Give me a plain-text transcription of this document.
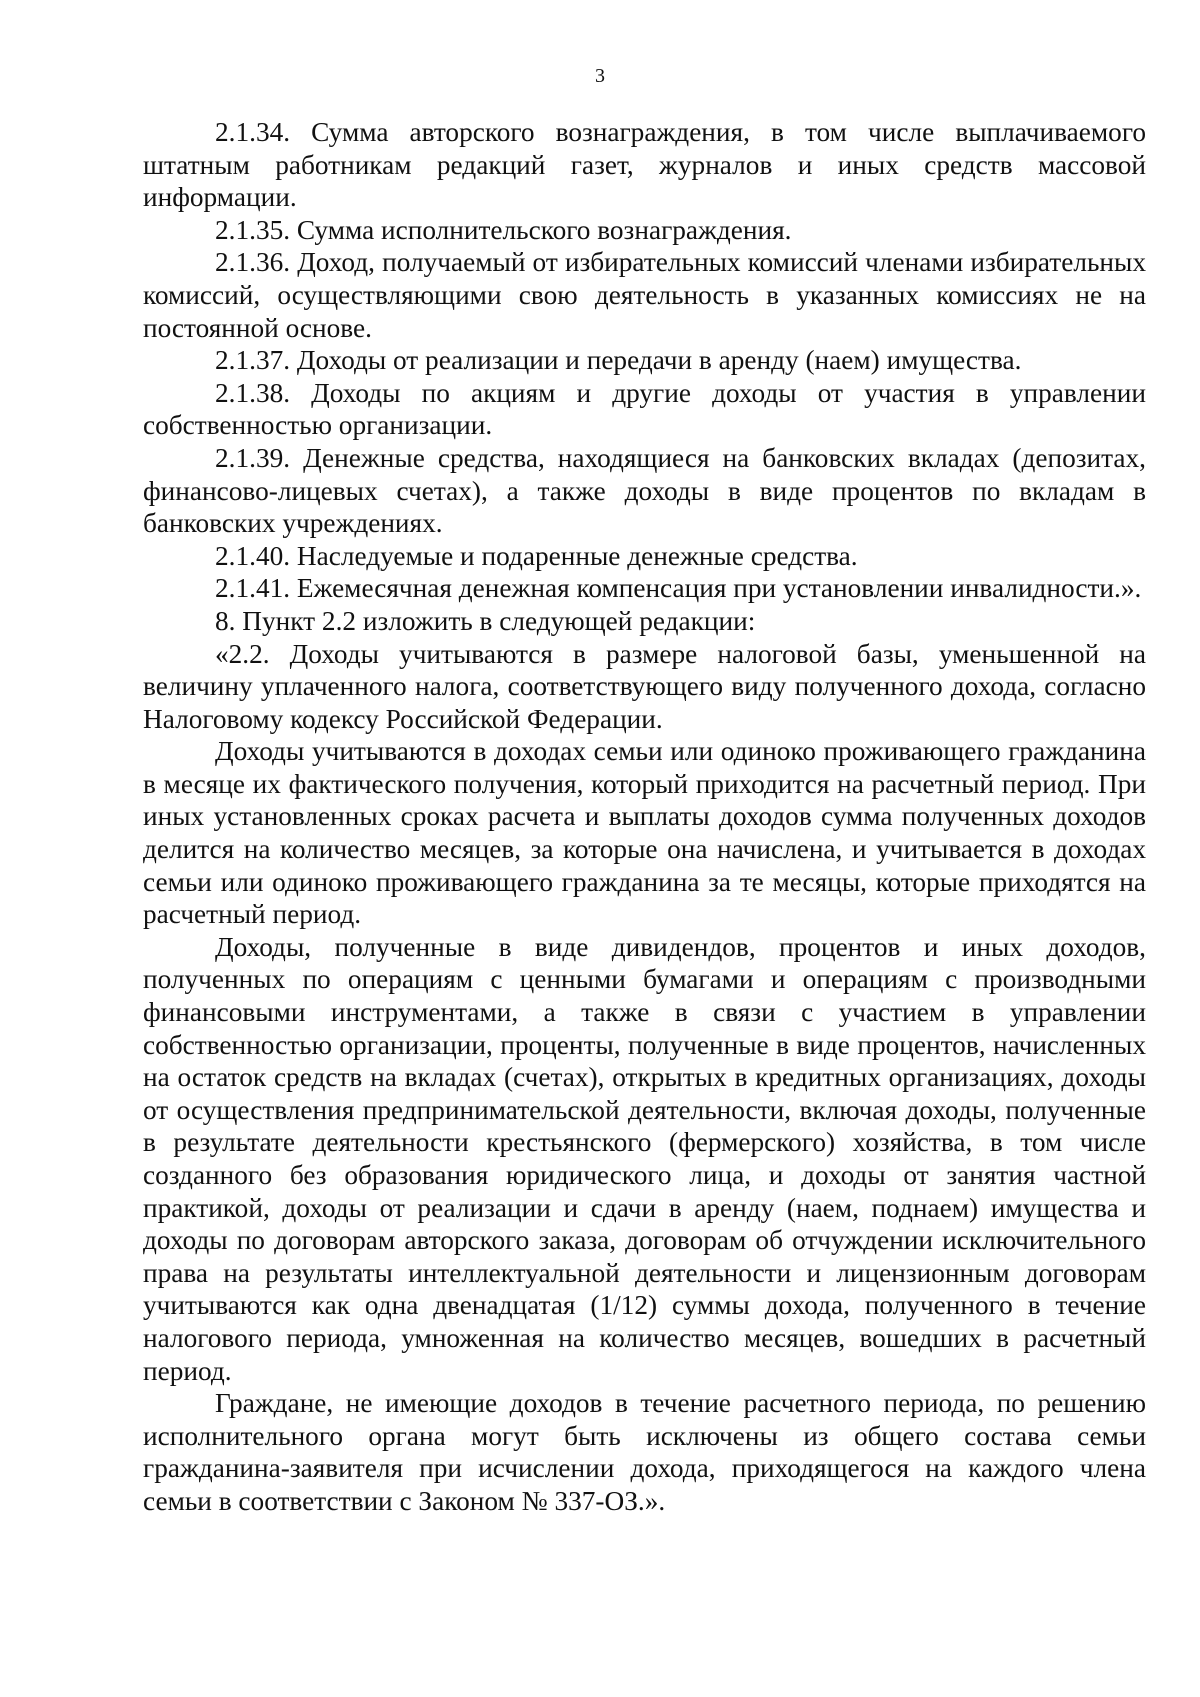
3

2.1.34. Сумма авторского вознаграждения, в том числе выплачиваемого штатным работникам редакций газет, журналов и иных средств массовой информации.

2.1.35. Сумма исполнительского вознаграждения.

2.1.36. Доход, получаемый от избирательных комиссий членами избирательных комиссий, осуществляющими свою деятельность в указанных комиссиях не на постоянной основе.

2.1.37. Доходы от реализации и передачи в аренду (наем) имущества.

2.1.38. Доходы по акциям и другие доходы от участия в управлении собственностью организации.

2.1.39. Денежные средства, находящиеся на банковских вкладах (депозитах, финансово-лицевых счетах), а также доходы в виде процентов по вкладам в банковских учреждениях.

2.1.40. Наследуемые и подаренные денежные средства.

2.1.41. Ежемесячная денежная компенсация при установлении инвалидности.».

8. Пункт 2.2 изложить в следующей редакции:

«2.2. Доходы учитываются в размере налоговой базы, уменьшенной на величину уплаченного налога, соответствующего виду полученного дохода, согласно Налоговому кодексу Российской Федерации.

Доходы учитываются в доходах семьи или одиноко проживающего гражданина в месяце их фактического получения, который приходится на расчетный период. При иных установленных сроках расчета и выплаты доходов сумма полученных доходов делится на количество месяцев, за которые она начислена, и учитывается в доходах семьи или одиноко проживающего гражданина за те месяцы, которые приходятся на расчетный период.

Доходы, полученные в виде дивидендов, процентов и иных доходов, полученных по операциям с ценными бумагами и операциям с производными финансовыми инструментами, а также в связи с участием в управлении собственностью организации, проценты, полученные в виде процентов, начисленных на остаток средств на вкладах (счетах), открытых в кредитных организациях, доходы от осуществления предпринимательской деятельности, включая доходы, полученные в результате деятельности крестьянского (фермерского) хозяйства, в том числе созданного без образования юридического лица, и доходы от занятия частной практикой, доходы от реализации и сдачи в аренду (наем, поднаем) имущества и доходы по договорам авторского заказа, договорам об отчуждении исключительного права на результаты интеллектуальной деятельности и лицензионным договорам учитываются как одна двенадцатая (1/12) суммы дохода, полученного в течение налогового периода, умноженная на количество месяцев, вошедших в расчетный период.

Граждане, не имеющие доходов в течение расчетного периода, по решению исполнительного органа могут быть исключены из общего состава семьи гражданина-заявителя при исчислении дохода, приходящегося на каждого члена семьи в соответствии с Законом № 337-ОЗ.».
